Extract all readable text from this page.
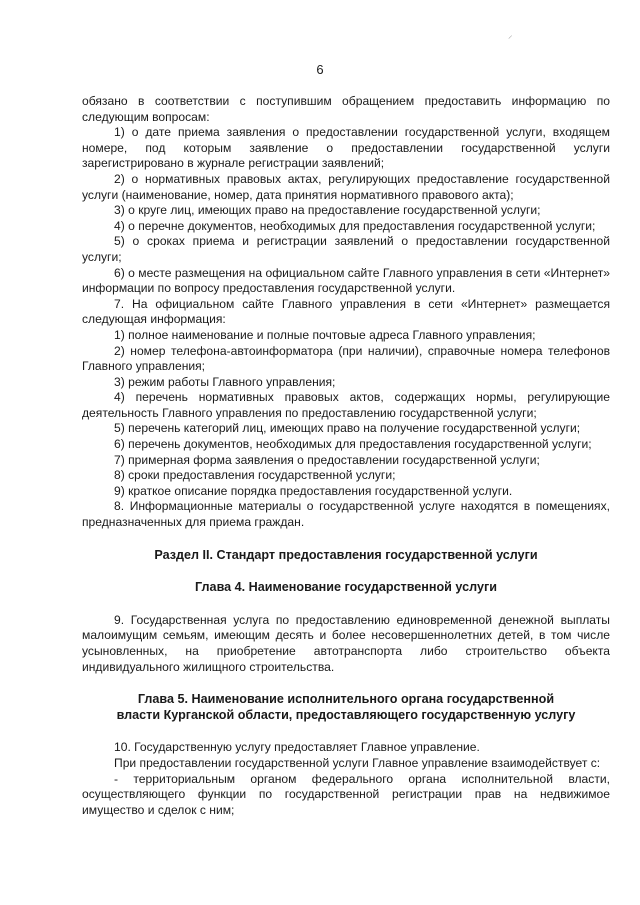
6
⸝

обязано в соответствии с поступившим обращением предоставить информацию по следующим вопросам:

1) о дате приема заявления о предоставлении государственной услуги, входящем номере, под которым заявление о предоставлении государственной услуги зарегистрировано в журнале регистрации заявлений;

2) о нормативных правовых актах, регулирующих предоставление государственной услуги (наименование, номер, дата принятия нормативного правового акта);

3) о круге лиц, имеющих право на предоставление государственной услуги;

4) о перечне документов, необходимых для предоставления государственной услуги;

5) о сроках приема и регистрации заявлений о предоставлении государственной услуги;

6) о месте размещения на официальном сайте Главного управления в сети «Интернет» информации по вопросу предоставления государственной услуги.

7. На официальном сайте Главного управления в сети «Интернет» размещается следующая информация:

1) полное наименование и полные почтовые адреса Главного управления;

2) номер телефона-автоинформатора (при наличии), справочные номера телефонов Главного управления;

3) режим работы Главного управления;

4) перечень нормативных правовых актов, содержащих нормы, регулирующие деятельность Главного управления по предоставлению государственной услуги;

5) перечень категорий лиц, имеющих право на получение государственной услуги;

6) перечень документов, необходимых для предоставления государственной услуги;

7) примерная форма заявления о предоставлении государственной услуги;

8) сроки предоставления государственной услуги;

9) краткое описание порядка предоставления государственной услуги.

8. Информационные материалы о государственной услуге находятся в помещениях, предназначенных для приема граждан.

Раздел II. Стандарт предоставления государственной услуги

Глава 4. Наименование государственной услуги

9. Государственная услуга по предоставлению единовременной денежной выплаты малоимущим семьям, имеющим десять и более несовершеннолетних детей, в том числе усыновленных, на приобретение автотранспорта либо строительство объекта индивидуального жилищного строительства.

Глава 5. Наименование исполнительного органа государственной

власти Курганской области, предоставляющего государственную услугу

10. Государственную услугу предоставляет Главное управление.

При предоставлении государственной услуги Главное управление взаимодействует с:

- территориальным органом федерального органа исполнительной власти, осуществляющего функции по государственной регистрации прав на недвижимое имущество и сделок с ним;
